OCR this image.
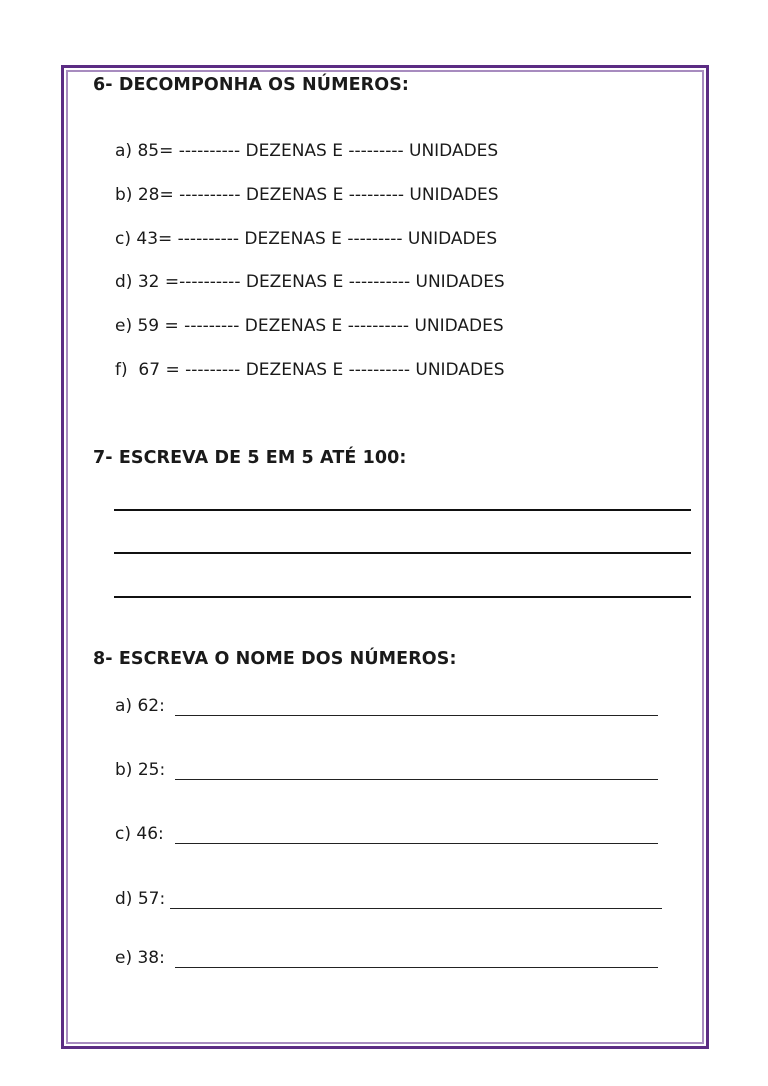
6- DECOMPONHA OS NÚMEROS:

a) 85= ---------- DEZENAS E --------- UNIDADES

b) 28= ---------- DEZENAS E --------- UNIDADES

c) 43= ---------- DEZENAS E --------- UNIDADES

d) 32 =---------- DEZENAS E ---------- UNIDADES

e) 59 = --------- DEZENAS E ---------- UNIDADES

f)  67 = --------- DEZENAS E ---------- UNIDADES

7- ESCREVA DE 5 EM 5 ATÉ 100:
8- ESCREVA O NOME DOS NÚMEROS:
a) 62:
b) 25:
c) 46:
d) 57:
e) 38:
